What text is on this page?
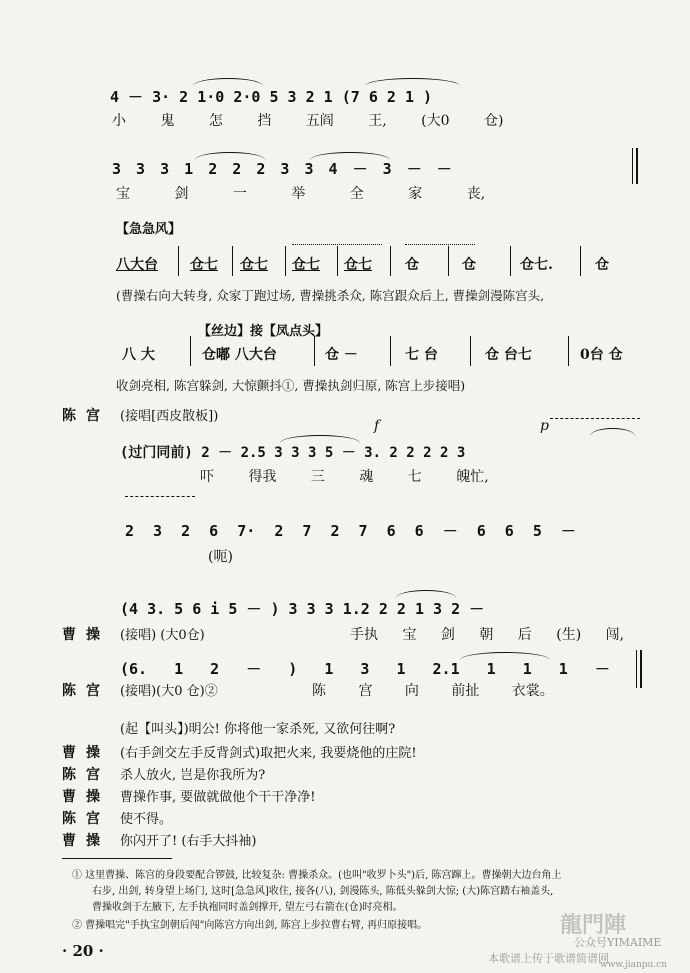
4 － 3· 2 1·0 2·0 5 3 2 1 (7 6 2 1 )
小 鬼 怎 挡 五阎 王, (大0 仓)
3 3 3 1 2 2 2 3 3 4 － 3 － －
宝 剑 一 举 全 家 丧,
【急急风】
八大台 仓七 仓七 仓七 仓七 仓	仓	仓七.	仓
(曹操右向大转身, 众家丁跑过场, 曹操挑杀众, 陈宫跟众后上, 曹操剑漫陈宫头,
【丝边】接【凤点头】
八 大	仓嘟 八大台	仓 －	七 台	仓 台七	0台 仓
收剑亮相, 陈宫躲剑, 大惊颤抖①, 曹操执剑归原, 陈宫上步接唱)
陈宫 (接唱[西皮散板])
f	p
(过门同前) 2 － 2.5 3 3 3 5 － 3. 2 2 2 2 3
吓 得我 三 魂 七 魄忙,
2 3 2 6 7· 2 7 2 7 6 6 － 6 6 5 －
(呃)
(4 3. 5 6 i 5 － ) 3 3 3 1.2 2 2 1 3 2 －
曹操 (接唱) (大0仓)	手执 宝 剑 朝 后 (生) 闯,
(6. 1 2 － ) 1 3 1 2.1 1 1 1 －
陈宫 (接唱)(大0 仓)②	陈 宫 向 前扯 衣裳。
(起【叫头】)明公! 你将他一家杀死, 又欲何往啊?
曹操 (右手剑交左手反背剑式)取把火来, 我要烧他的庄院!
陈宫 杀人放火, 岂是你我所为?
曹操 曹操作事, 要做就做他个干干净净!
陈宫 使不得。
曹操 你闪开了! (右手大抖袖)
① 这里曹操、陈宫的身段要配合锣鼓, 比较复杂: 曹操杀众。(也叫"收罗卜头")后, 陈宫蹿上。曹操朝大边台角上
右步, 出剑, 转身望上场门, 这时[急急风]收住, 接各(八), 剑漫陈头, 陈低头躲剑大惊; (大)陈宫踏右袖盖头,
曹操收剑于左腋下, 左手执袍同时盖剑撑开, 望左弓右箭在(仓)时亮相。
② 曹操唱完"手执宝剑朝后闯"向陈宫方向出剑, 陈宫上步拉曹右臂, 再归原接唱。
· 20 ·
龍門陣
公众号YIMAIME
本歌谱上传于歌谱简谱网
www.jianpu.cn
